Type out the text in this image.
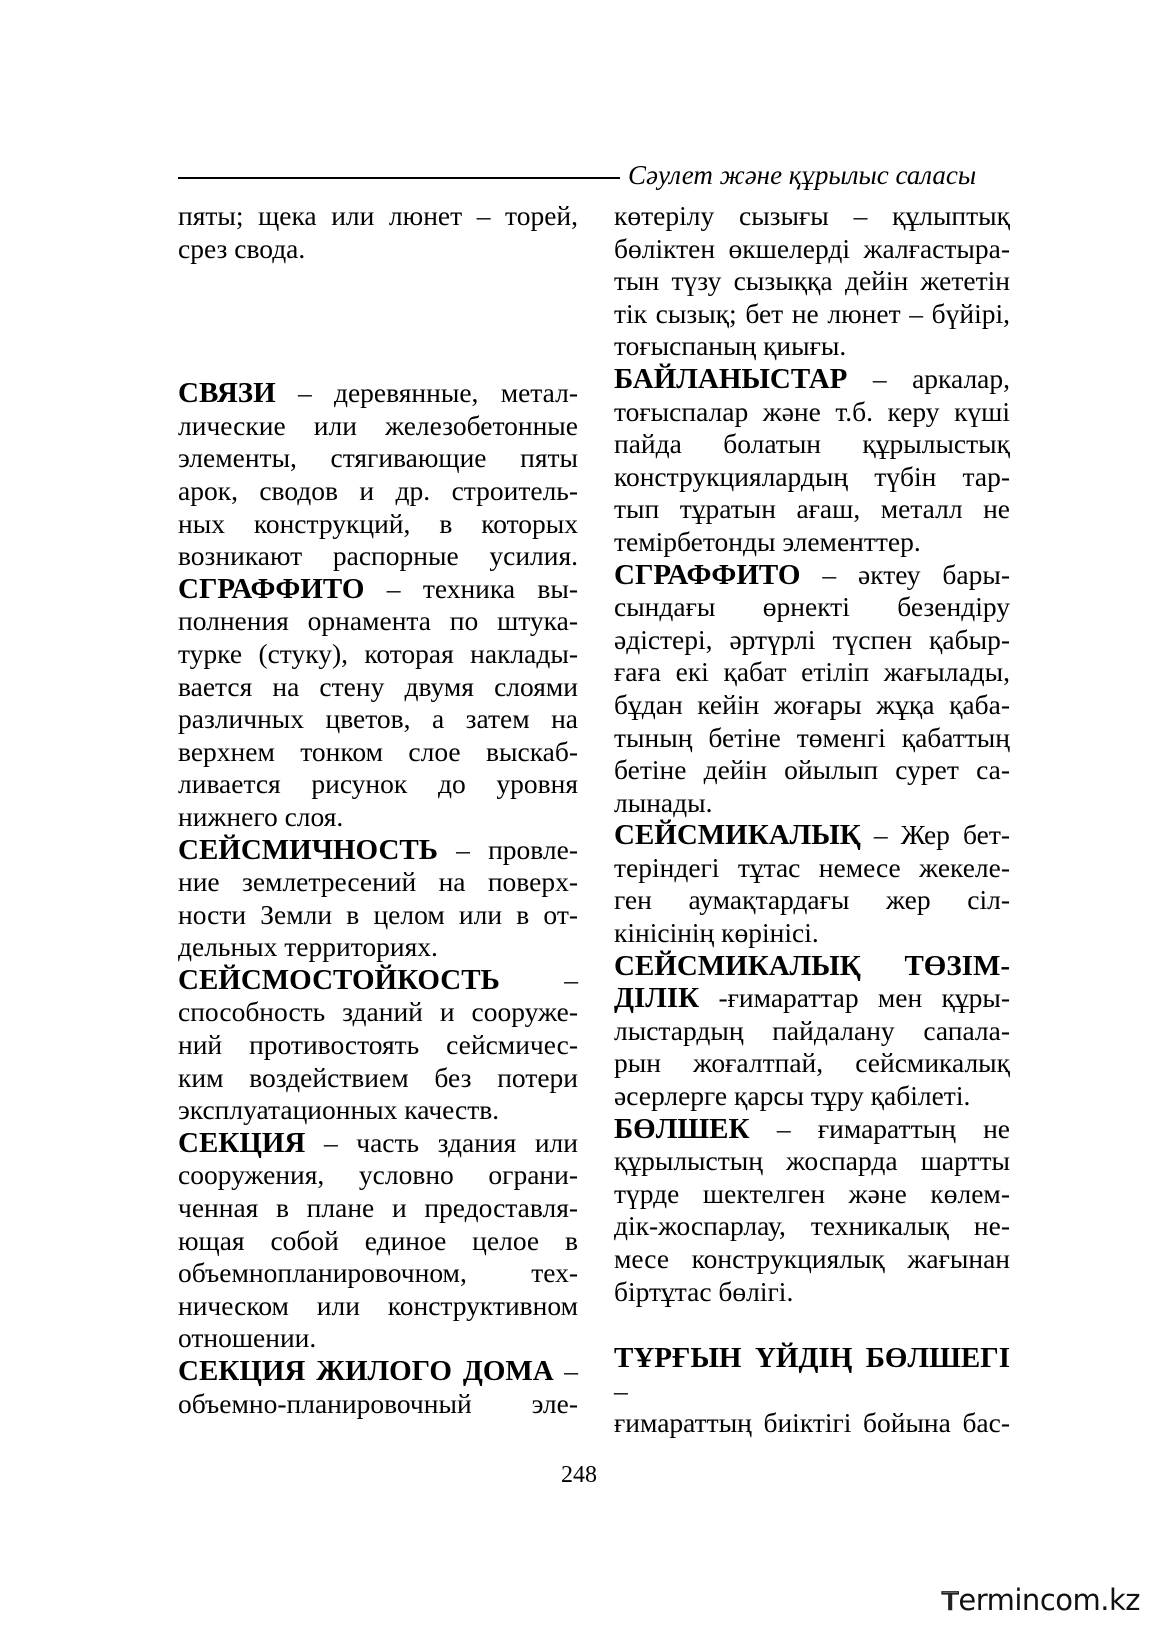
Сәулет және құрылыс саласы
пяты; щека или люнет – торей,
срез свода.
СВЯЗИ – деревянные, метал-
лические или железобетонные
элементы, стягивающие пяты
арок, сводов и др. строитель-
ных конструкций, в которых
возникают распорные усилия.
СГРАФФИТО – техника вы-
полнения орнамента по штука-
турке (стуку), которая наклады-
вается на стену двумя слоями
различных цветов, а затем на
верхнем тонком слое выскаб-
ливается рисунок до уровня
нижнего слоя.
СЕЙСМИЧНОСТЬ – провле-
ние землетресений на поверх-
ности Земли в целом или в от-
дельных территориях.
СЕЙСМОСТОЙКОСТЬ –
способность зданий и сооруже-
ний противостоять сейсмичес-
ким воздействием без потери
эксплуатационных качеств.
СЕКЦИЯ – часть здания или
сооружения, условно ограни-
ченная в плане и предоставля-
ющая собой единое целое в
объемнопланировочном, тех-
ническом или конструктивном
отношении.
СЕКЦИЯ ЖИЛОГО ДОМА –
объемно-планировочный эле-
көтерілу сызығы – құлыптық
бөліктен өкшелерді жалғастыра-
тын түзу сызыққа дейін жететін
тік сызық; бет не люнет – бүйірі,
тоғыспаның қиығы.
БАЙЛАНЫСТАР – аркалар,
тоғыспалар және т.б. керу күші
пайда болатын құрылыстық
конструкциялардың түбін тар-
тып тұратын ағаш, металл не
темірбетонды элементтер.
СГРАФФИТО – әктеу бары-
сындағы өрнекті безендіру
әдістері, әртүрлі түспен қабыр-
ғаға екі қабат етіліп жағылады,
бұдан кейін жоғары жұқа қаба-
тының бетіне төменгі қабаттың
бетіне дейін ойылып сурет са-
лынады.
СЕЙСМИКАЛЫҚ – Жер бет-
теріндегі тұтас немесе жекеле-
ген аумақтардағы жер сіл-
кінісінің көрінісі.
СЕЙСМИКАЛЫҚ ТӨЗІМ-
ДІЛІК -ғимараттар мен құры-
лыстардың пайдалану сапала-
рын жоғалтпай, сейсмикалық
әсерлерге қарсы тұру қабілеті.
БӨЛШЕК – ғимараттың не
құрылыстың жоспарда шартты
түрде шектелген және көлем-
дік-жоспарлау, техникалық не-
месе конструкциялық жағынан
біртұтас бөлігі.
ТҰРҒЫН ҮЙДІҢ БӨЛШЕГІ –
ғимараттың биіктігі бойына бас-
248
ermincom.kz
